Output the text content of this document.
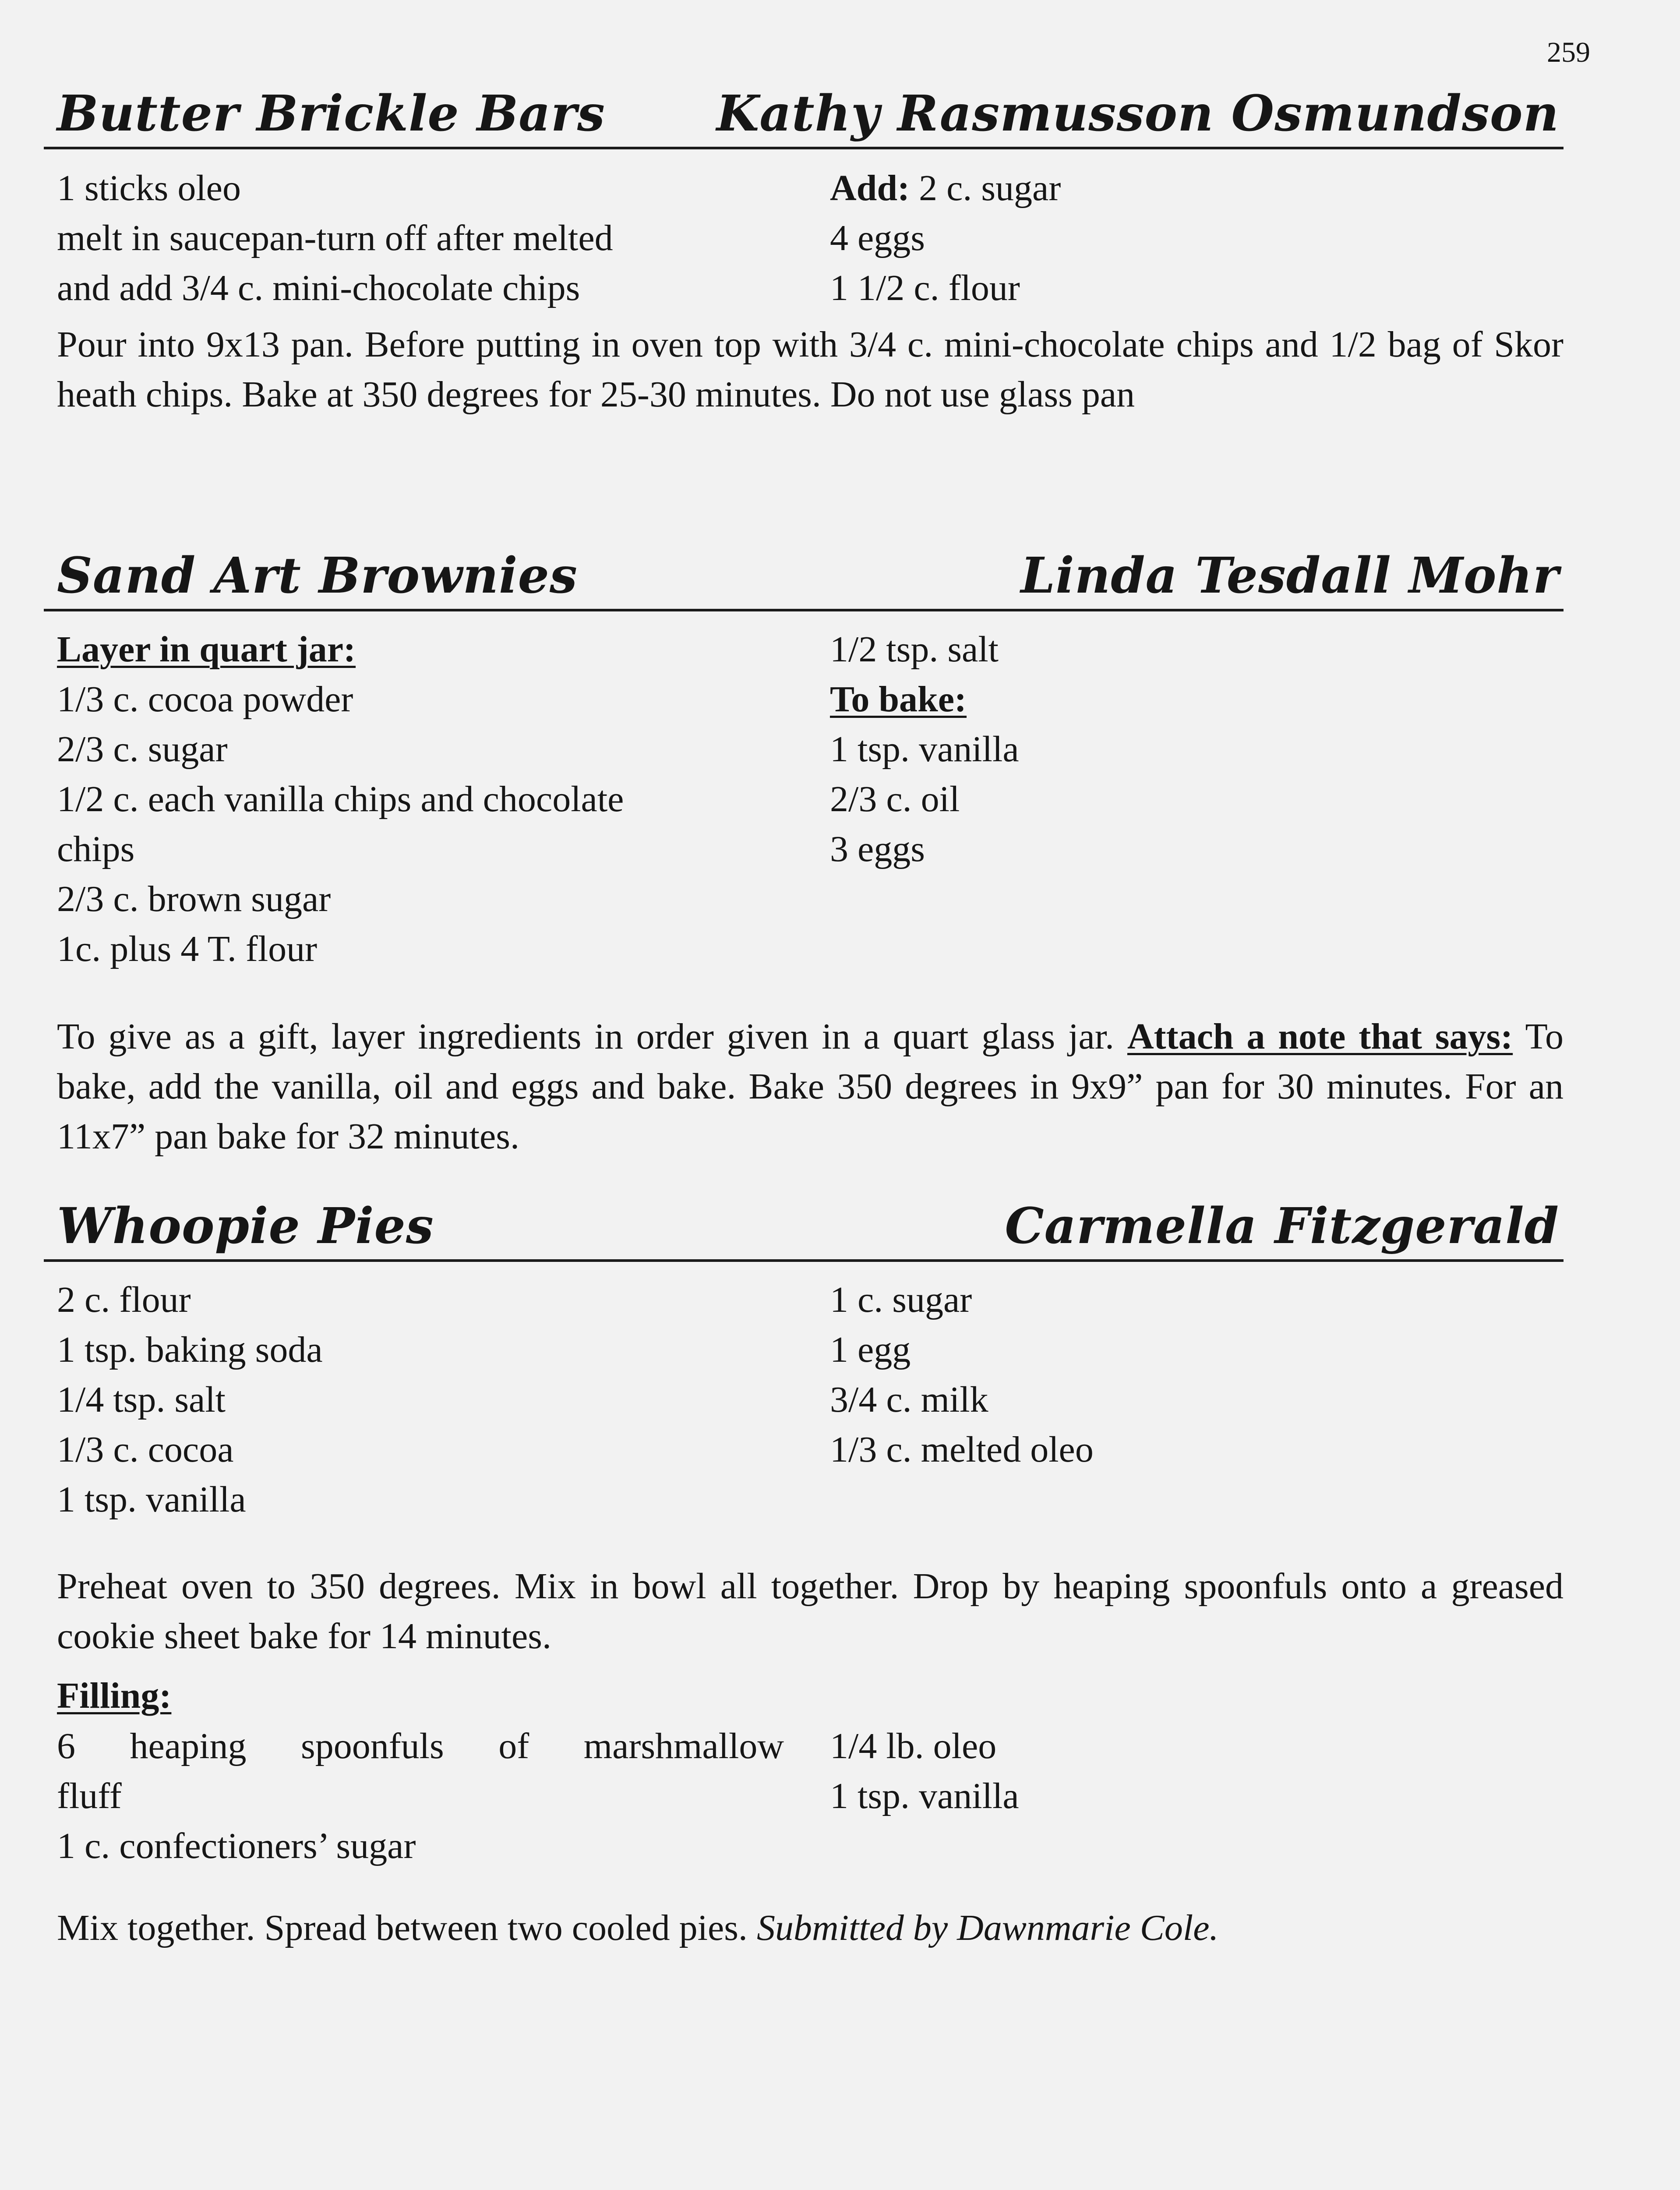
259
Butter Brickle Bars Kathy Rasmusson Osmundson
1 sticks oleo
melt in saucepan-turn off after melted
and add 3/4 c. mini-chocolate chips
Add: 2 c. sugar
4 eggs
1 1/2 c. flour
Pour into 9x13 pan. Before putting in oven top with 3/4 c. mini-chocolate chips and 1/2 bag of Skor heath chips. Bake at 350 degrees for 25-30 minutes. Do not use glass pan
Sand Art Brownies	Linda Tesdall Mohr
Layer in quart jar:
1/3 c. cocoa powder
2/3 c. sugar
1/2 c. each vanilla chips and chocolate
chips
2/3 c. brown sugar
1c. plus 4 T. flour
1/2 tsp. salt
To bake:
1 tsp. vanilla
2/3 c. oil
3 eggs
To give as a gift, layer ingredients in order given in a quart glass jar. Attach a note that says: To bake, add the vanilla, oil and eggs and bake. Bake 350 degrees in 9x9” pan for 30 minutes. For an 11x7” pan bake for 32 minutes.
Whoopie Pies	Carmella Fitzgerald
2 c. flour
1 tsp. baking soda
1/4 tsp. salt
1/3 c. cocoa
1 tsp. vanilla
1 c. sugar
1 egg
3/4 c. milk
1/3 c. melted oleo
Preheat oven to 350 degrees. Mix in bowl all together. Drop by heaping spoonfuls onto a greased cookie sheet bake for 14 minutes.
Filling:
6 heaping spoonfuls of marshmallow
fluff
1 c. confectioners’ sugar
1/4 lb. oleo
1 tsp. vanilla
Mix together. Spread between two cooled pies. Submitted by Dawnmarie Cole.
